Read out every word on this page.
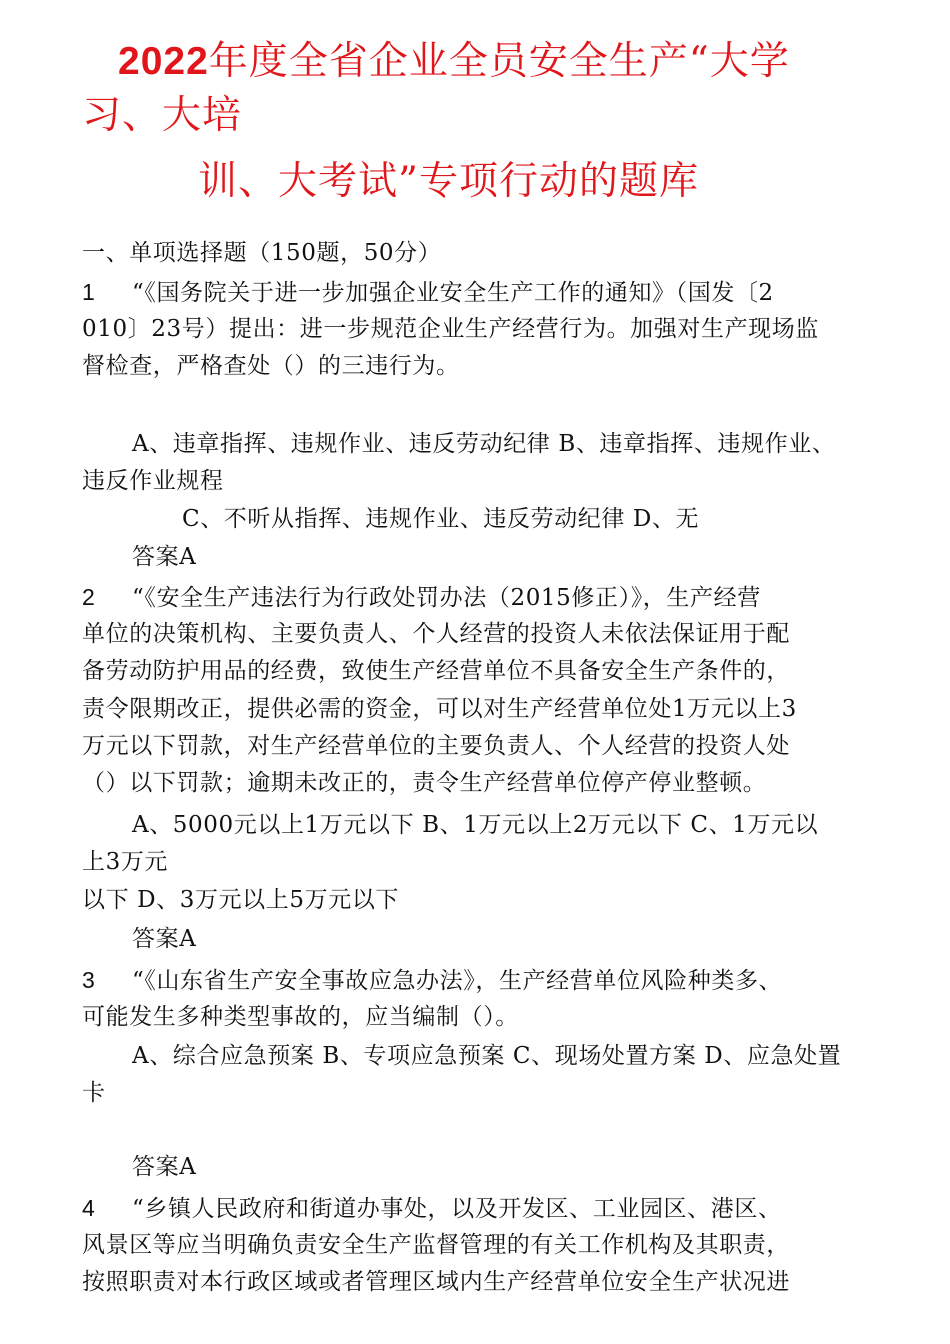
2022年度全省企业全员安全生产“大学
习、大培
训、大考试”专项行动的题库
一、单项选择题（150题，50分）
1 “《国务院关于进一步加强企业安全生产工作的通知》（国发〔2
010〕23号）提出：进一步规范企业生产经营行为。加强对生产现场监
督检查，严格查处（）的三违行为。
A、违章指挥、违规作业、违反劳动纪律 B、违章指挥、违规作业、
违反作业规程
C、不听从指挥、违规作业、违反劳动纪律 D、无
答案A
2 “《安全生产违法行为行政处罚办法（2015修正）》，生产经营
单位的决策机构、主要负责人、个人经营的投资人未依法保证用于配
备劳动防护用品的经费，致使生产经营单位不具备安全生产条件的，
责令限期改正，提供必需的资金，可以对生产经营单位处1万元以上3
万元以下罚款，对生产经营单位的主要负责人、个人经营的投资人处
（）以下罚款；逾期未改正的，责令生产经营单位停产停业整顿。
A、5000元以上1万元以下 B、1万元以上2万元以下 C、1万元以
上3万元
以下 D、3万元以上5万元以下
答案A
3 “《山东省生产安全事故应急办法》，生产经营单位风险种类多、
可能发生多种类型事故的，应当编制（）。
A、综合应急预案 B、专项应急预案 C、现场处置方案 D、应急处置
卡
答案A
4 “乡镇人民政府和街道办事处，以及开发区、工业园区、港区、
风景区等应当明确负责安全生产监督管理的有关工作机构及其职责，
按照职责对本行政区域或者管理区域内生产经营单位安全生产状况进
